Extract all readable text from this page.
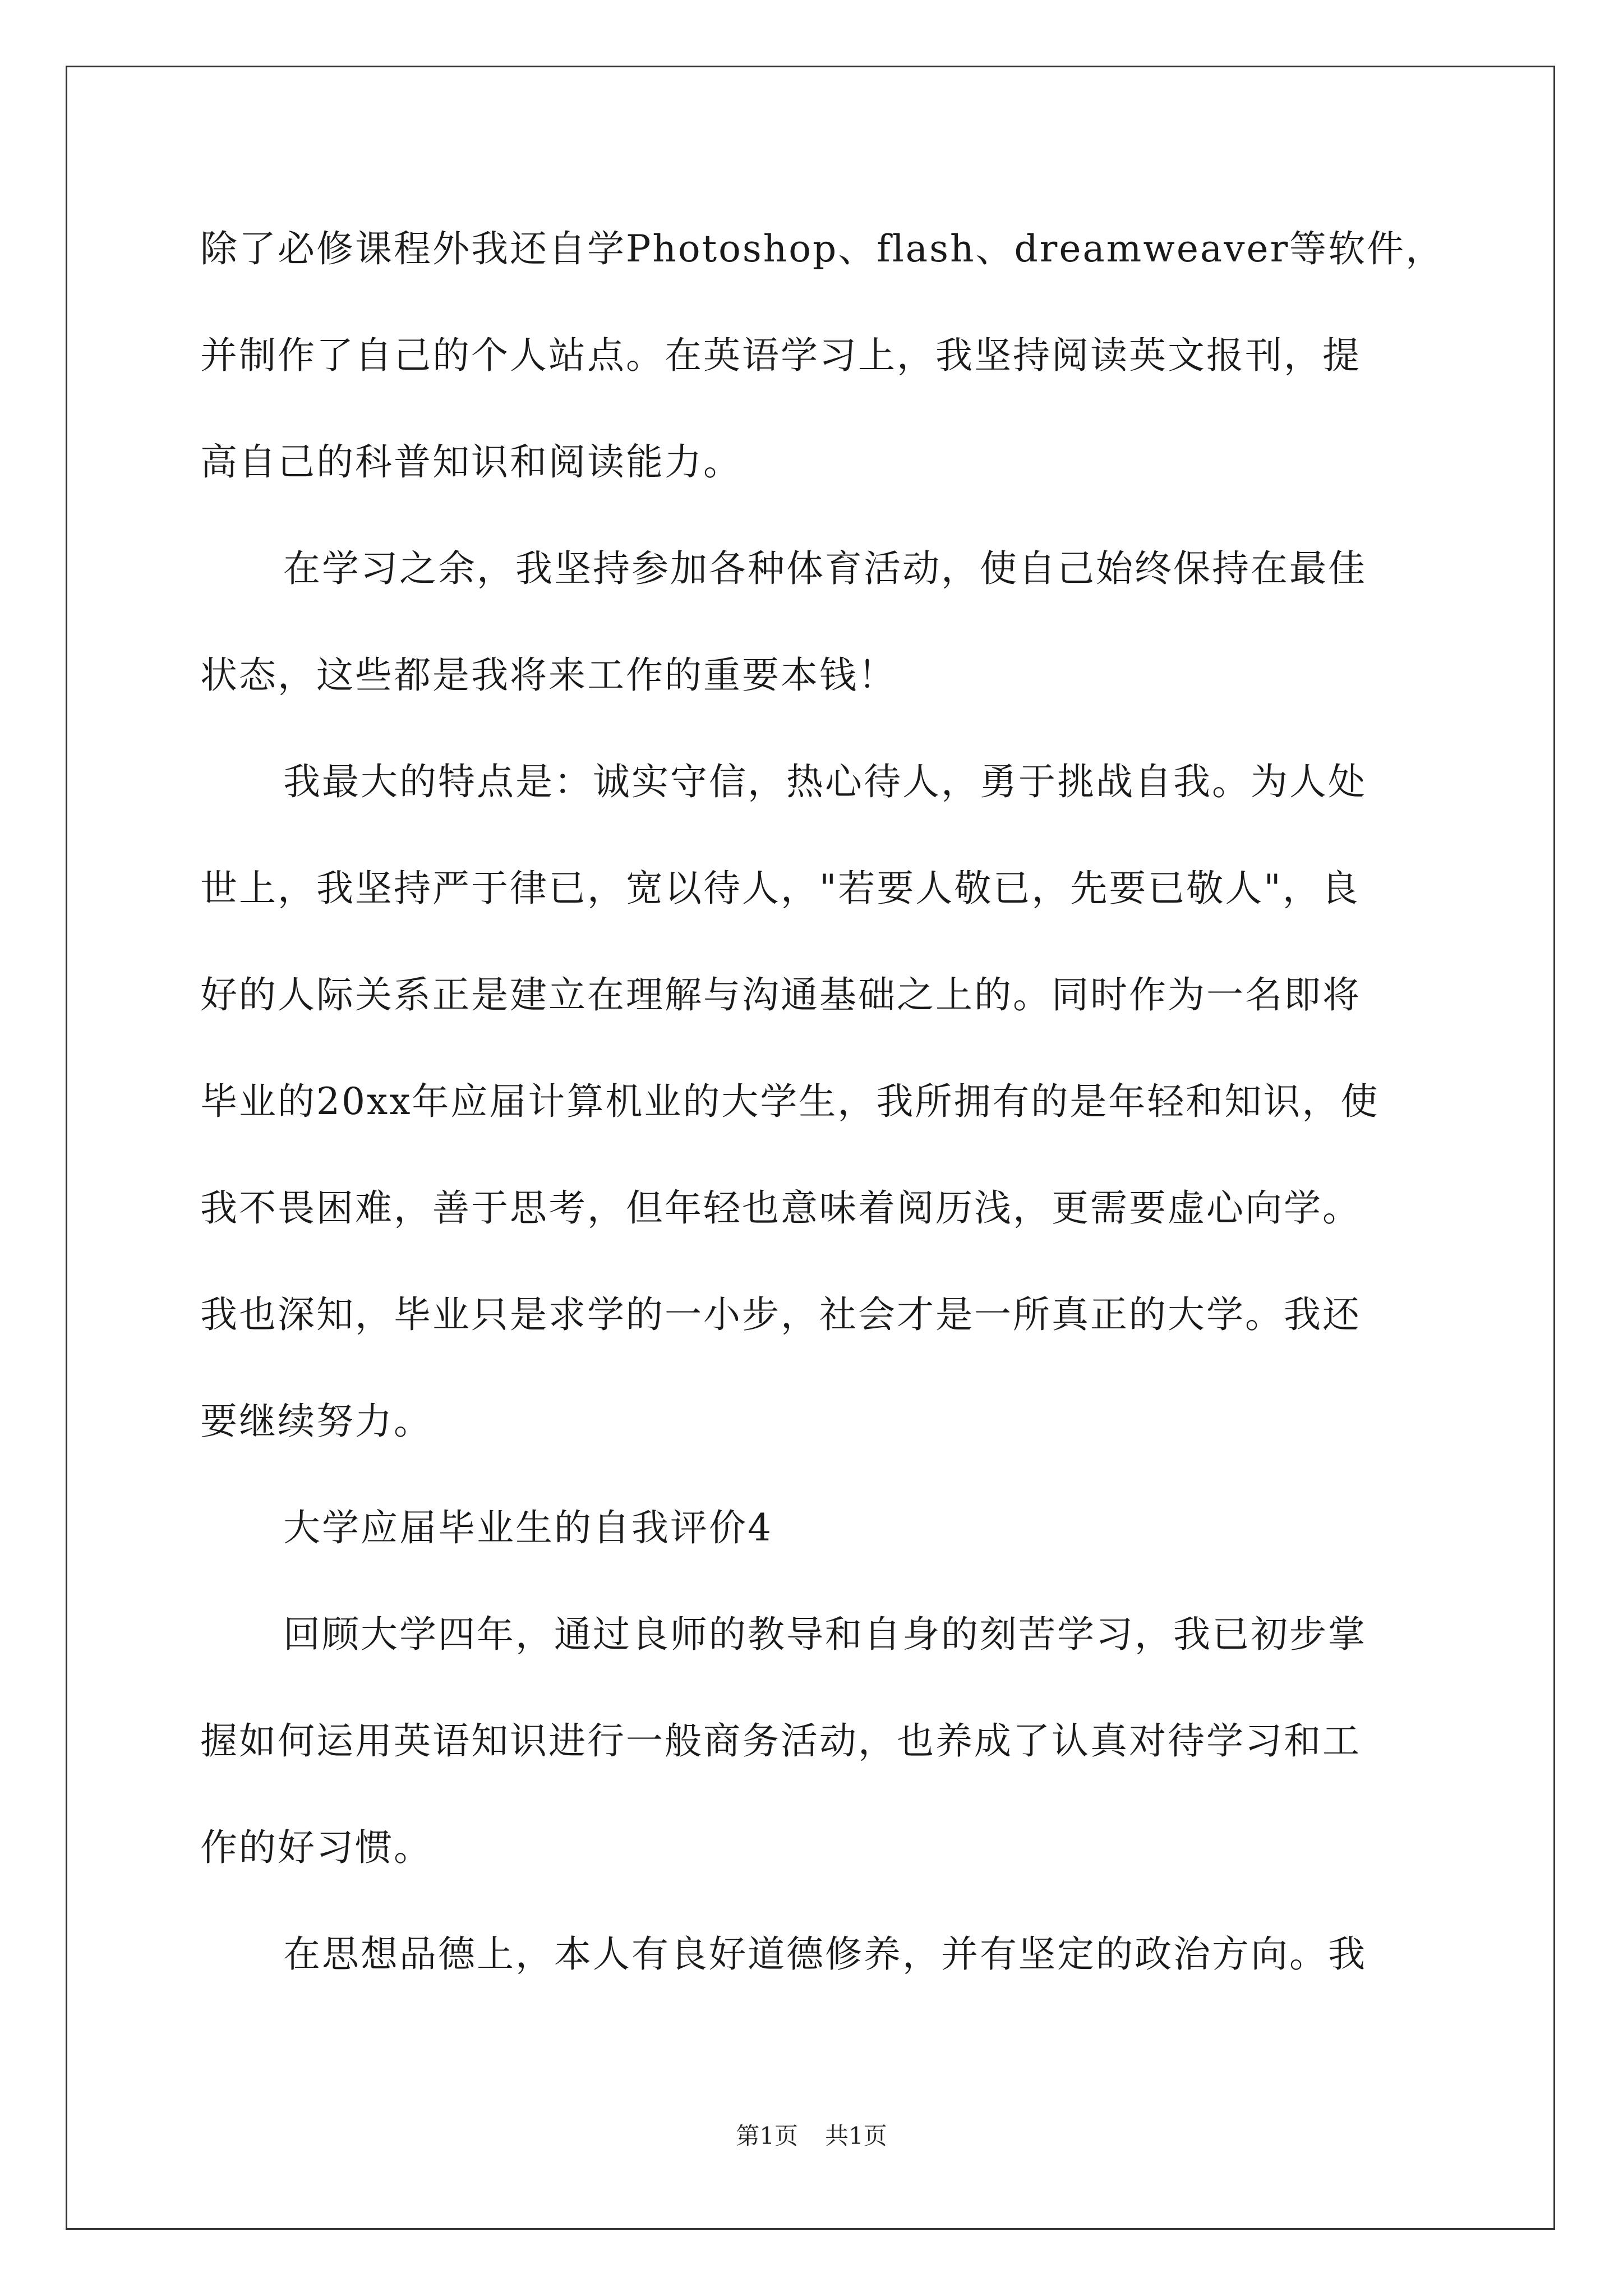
除了必修课程外我还自学Photoshop、flash、dreamweaver等软件，
并制作了自己的个人站点。在英语学习上，我坚持阅读英文报刊，提
高自己的科普知识和阅读能力。
在学习之余，我坚持参加各种体育活动，使自己始终保持在最佳
状态，这些都是我将来工作的重要本钱！
我最大的特点是：诚实守信，热心待人，勇于挑战自我。为人处
世上，我坚持严于律已，宽以待人，"若要人敬已，先要已敬人"，良
好的人际关系正是建立在理解与沟通基础之上的。同时作为一名即将
毕业的20xx年应届计算机业的大学生，我所拥有的是年轻和知识，使
我不畏困难，善于思考，但年轻也意味着阅历浅，更需要虚心向学。
我也深知，毕业只是求学的一小步，社会才是一所真正的大学。我还
要继续努力。
大学应届毕业生的自我评价4
回顾大学四年，通过良师的教导和自身的刻苦学习，我已初步掌
握如何运用英语知识进行一般商务活动，也养成了认真对待学习和工
作的好习惯。
在思想品德上，本人有良好道德修养，并有坚定的政治方向。我
第1页 共1页
